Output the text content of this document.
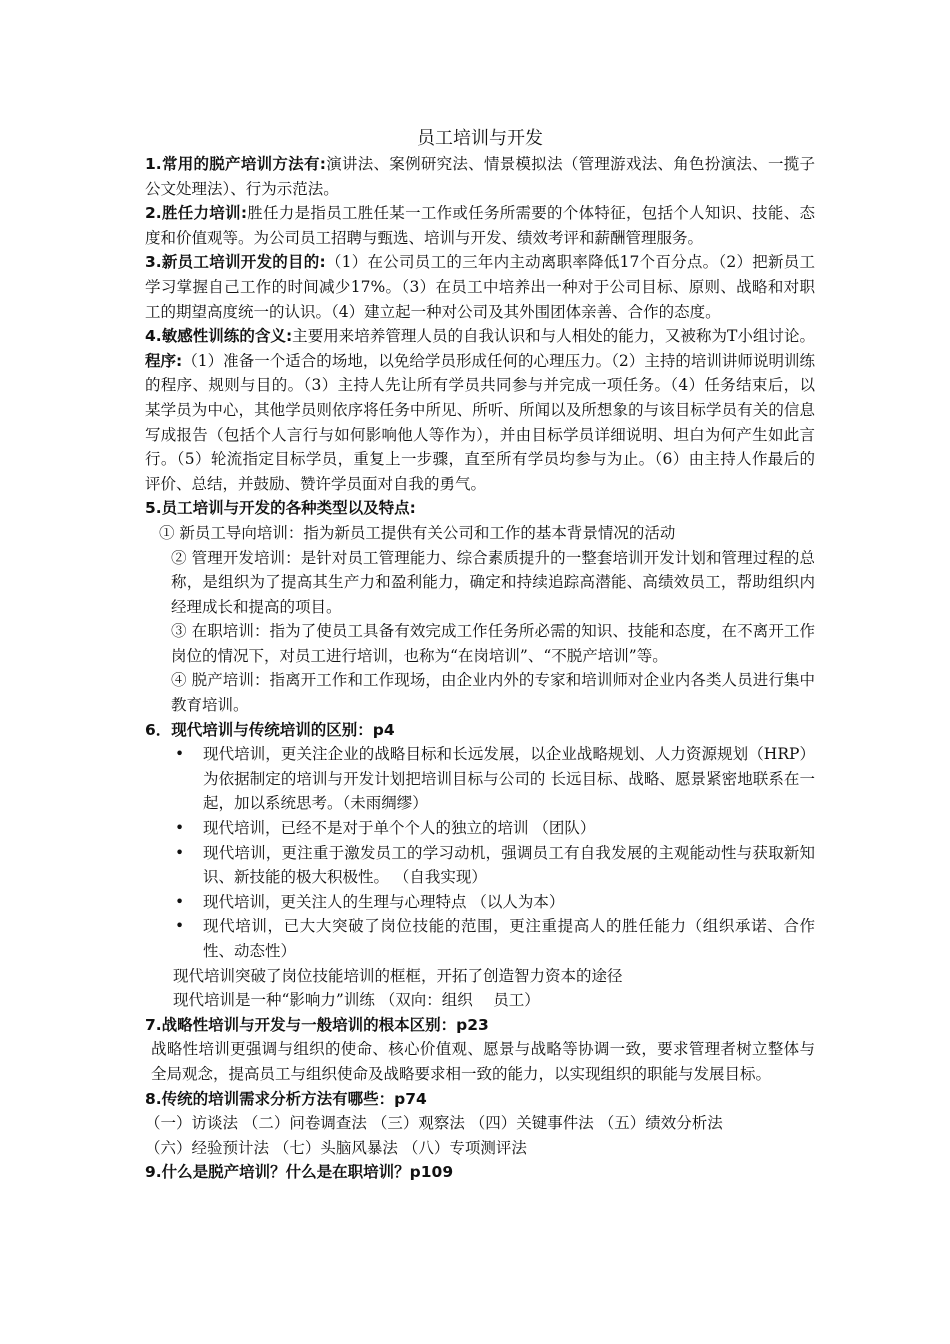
员工培训与开发
1.常用的脱产培训方法有:演讲法、案例研究法、情景模拟法（管理游戏法、角色扮演法、一揽子公文处理法）、行为示范法。
2.胜任力培训:胜任力是指员工胜任某一工作或任务所需要的个体特征，包括个人知识、技能、态度和价值观等。为公司员工招聘与甄选、培训与开发、绩效考评和薪酬管理服务。
3.新员工培训开发的目的:（1）在公司员工的三年内主动离职率降低17个百分点。（2）把新员工学习掌握自己工作的时间减少17%。（3）在员工中培养出一种对于公司目标、原则、战略和对职工的期望高度统一的认识。（4）建立起一种对公司及其外围团体亲善、合作的态度。
4.敏感性训练的含义:主要用来培养管理人员的自我认识和与人相处的能力，又被称为T小组讨论。程序:（1）准备一个适合的场地，以免给学员形成任何的心理压力。（2）主持的培训讲师说明训练的程序、规则与目的。（3）主持人先让所有学员共同参与并完成一项任务。（4）任务结束后，以某学员为中心，其他学员则依序将任务中所见、所听、所闻以及所想象的与该目标学员有关的信息写成报告（包括个人言行与如何影响他人等作为），并由目标学员详细说明、坦白为何产生如此言行。（5）轮流指定目标学员，重复上一步骤，直至所有学员均参与为止。（6）由主持人作最后的评价、总结，并鼓励、赞许学员面对自我的勇气。
5.员工培训与开发的各种类型以及特点:
① 新员工导向培训：指为新员工提供有关公司和工作的基本背景情况的活动
② 管理开发培训：是针对员工管理能力、综合素质提升的一整套培训开发计划和管理过程的总称，是组织为了提高其生产力和盈利能力，确定和持续追踪高潜能、高绩效员工，帮助组织内经理成长和提高的项目。
③ 在职培训：指为了使员工具备有效完成工作任务所必需的知识、技能和态度，在不离开工作岗位的情况下，对员工进行培训，也称为“在岗培训”、“不脱产培训”等。
④ 脱产培训：指离开工作和工作现场，由企业内外的专家和培训师对企业内各类人员进行集中教育培训。
6．现代培训与传统培训的区别：p4
• 现代培训，更关注企业的战略目标和长远发展，以企业战略规划、人力资源规划（HRP）为依据制定的培训与开发计划把培训目标与公司的 长远目标、战略、愿景紧密地联系在一起，加以系统思考。（未雨绸缪）
• 现代培训，已经不是对于单个个人的独立的培训 （团队）
• 现代培训，更注重于激发员工的学习动机，强调员工有自我发展的主观能动性与获取新知识、新技能的极大积极性。 （自我实现）
• 现代培训，更关注人的生理与心理特点 （以人为本）
• 现代培训，已大大突破了岗位技能的范围，更注重提高人的胜任能力（组织承诺、合作性、动态性）
现代培训突破了岗位技能培训的框框，开拓了创造智力资本的途径
现代培训是一种“影响力”训练 （双向：组织　 员工）
7.战略性培训与开发与一般培训的根本区别：p23
战略性培训更强调与组织的使命、核心价值观、愿景与战略等协调一致，要求管理者树立整体与全局观念，提高员工与组织使命及战略要求相一致的能力，以实现组织的职能与发展目标。
8.传统的培训需求分析方法有哪些：p74
（一）访谈法 （二）问卷调查法 （三）观察法 （四）关键事件法 （五）绩效分析法
（六）经验预计法 （七）头脑风暴法 （八）专项测评法
9.什么是脱产培训？什么是在职培训？p109
